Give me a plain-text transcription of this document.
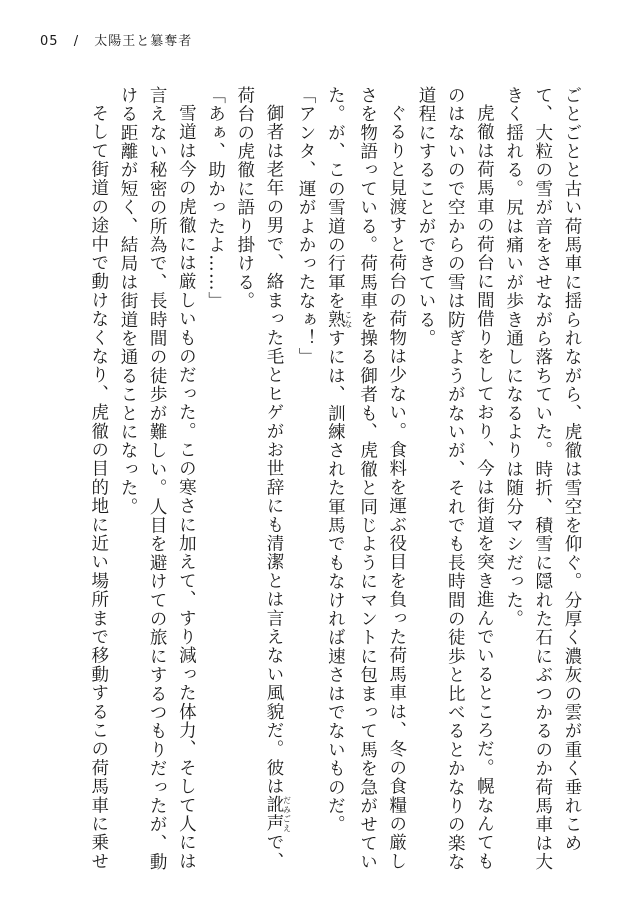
05 / 太陽王と簒奪者

ごとごとと古い荷馬車に揺られながら、虎徹は雪空を仰ぐ。分厚く濃灰の雲が重く垂れこめ

て、大粒の雪が音をさせながら落ちていた。時折、積雪に隠れた石にぶつかるのか荷馬車は大

きく揺れる。尻は痛いが歩き通しになるよりは随分マシだった。

虎徹は荷馬車の荷台に間借りをしており、今は街道を突き進んでいるところだ。幌なんても

のはないので空からの雪は防ぎようがないが、それでも長時間の徒歩と比べるとかなりの楽な

道程にすることができている。

ぐるりと見渡すと荷台の荷物は少ない。食料を運ぶ役目を負った荷馬車は、冬の食糧の厳し

さを物語っている。荷馬車を操る御者も、虎徹と同じようにマントに包まって馬を急がせてい

た。が、この雪道の行軍を熟こなすには、訓練された軍馬でもなければ速さはでないものだ。

「アンタ、運がよかったなぁ！」

御者は老年の男で、絡まった毛とヒゲがお世辞にも清潔とは言えない風貌だ。彼は訛声だみごえで、

荷台の虎徹に語り掛ける。

「あぁ、助かったよ……」

雪道は今の虎徹には厳しいものだった。この寒さに加えて、すり減った体力、そして人には

言えない秘密の所為で、長時間の徒歩が難しい。人目を避けての旅にするつもりだったが、動

ける距離が短く、結局は街道を通ることになった。

そして街道の途中で動けなくなり、虎徹の目的地に近い場所まで移動するこの荷馬車に乗せ
